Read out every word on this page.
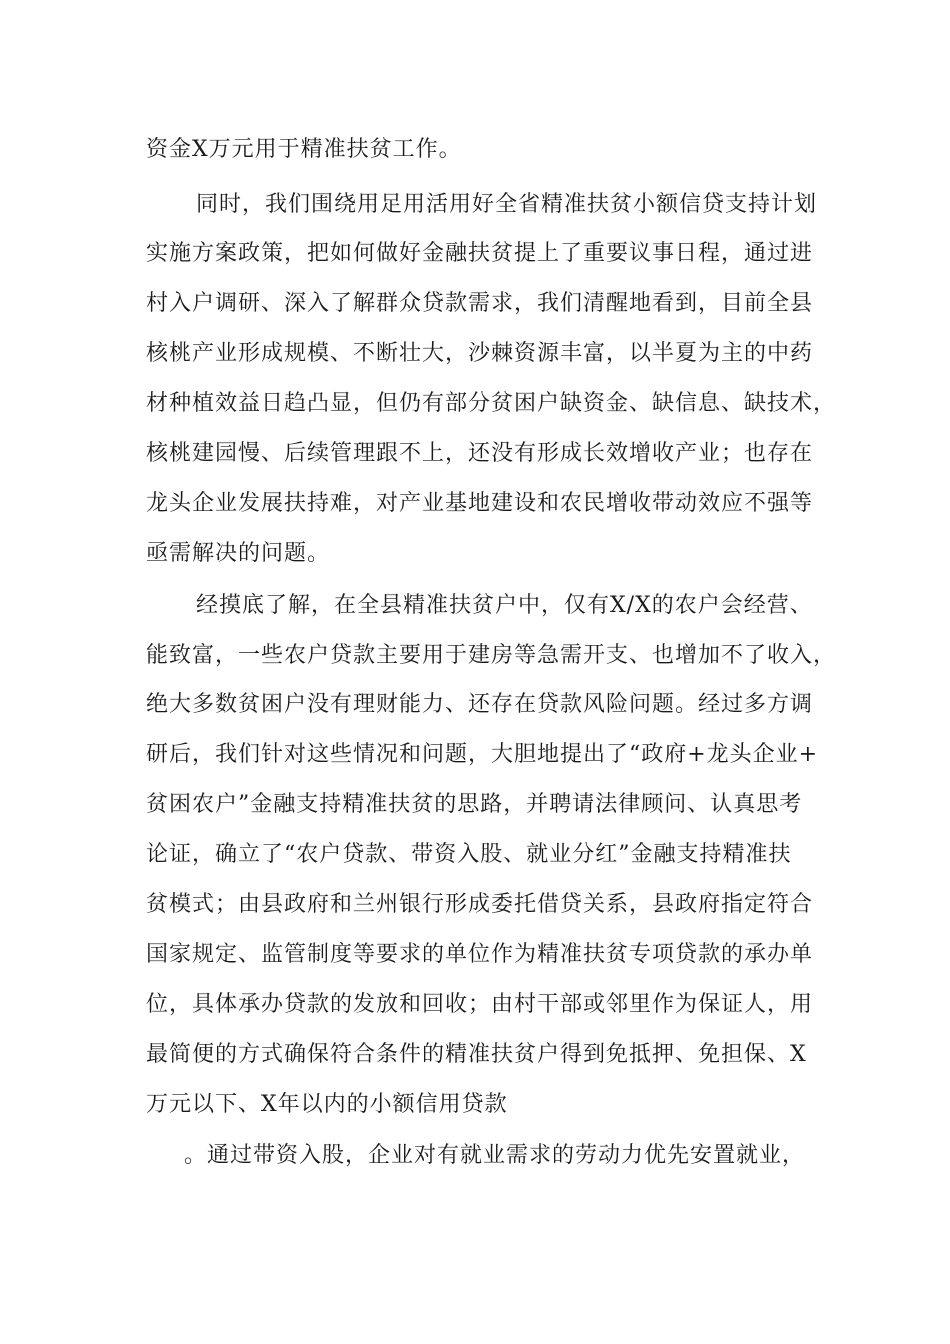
资金X万元用于精准扶贫工作。
同时，我们围绕用足用活用好全省精准扶贫小额信贷支持计划
实施方案政策，把如何做好金融扶贫提上了重要议事日程，通过进
村入户调研、深入了解群众贷款需求，我们清醒地看到，目前全县
核桃产业形成规模、不断壮大，沙棘资源丰富，以半夏为主的中药
材种植效益日趋凸显，但仍有部分贫困户缺资金、缺信息、缺技术，
核桃建园慢、后续管理跟不上，还没有形成长效增收产业；也存在
龙头企业发展扶持难，对产业基地建设和农民增收带动效应不强等
亟需解决的问题。
经摸底了解，在全县精准扶贫户中，仅有X/X的农户会经营、
能致富，一些农户贷款主要用于建房等急需开支、也增加不了收入，
绝大多数贫困户没有理财能力、还存在贷款风险问题。经过多方调
研后，我们针对这些情况和问题，大胆地提出了“政府+龙头企业+
贫困农户”金融支持精准扶贫的思路，并聘请法律顾问、认真思考
论证，确立了“农户贷款、带资入股、就业分红”金融支持精准扶
贫模式；由县政府和兰州银行形成委托借贷关系，县政府指定符合
国家规定、监管制度等要求的单位作为精准扶贫专项贷款的承办单
位，具体承办贷款的发放和回收；由村干部或邻里作为保证人，用
最简便的方式确保符合条件的精准扶贫户得到免抵押、免担保、X
万元以下、X年以内的小额信用贷款
。通过带资入股，企业对有就业需求的劳动力优先安置就业，
